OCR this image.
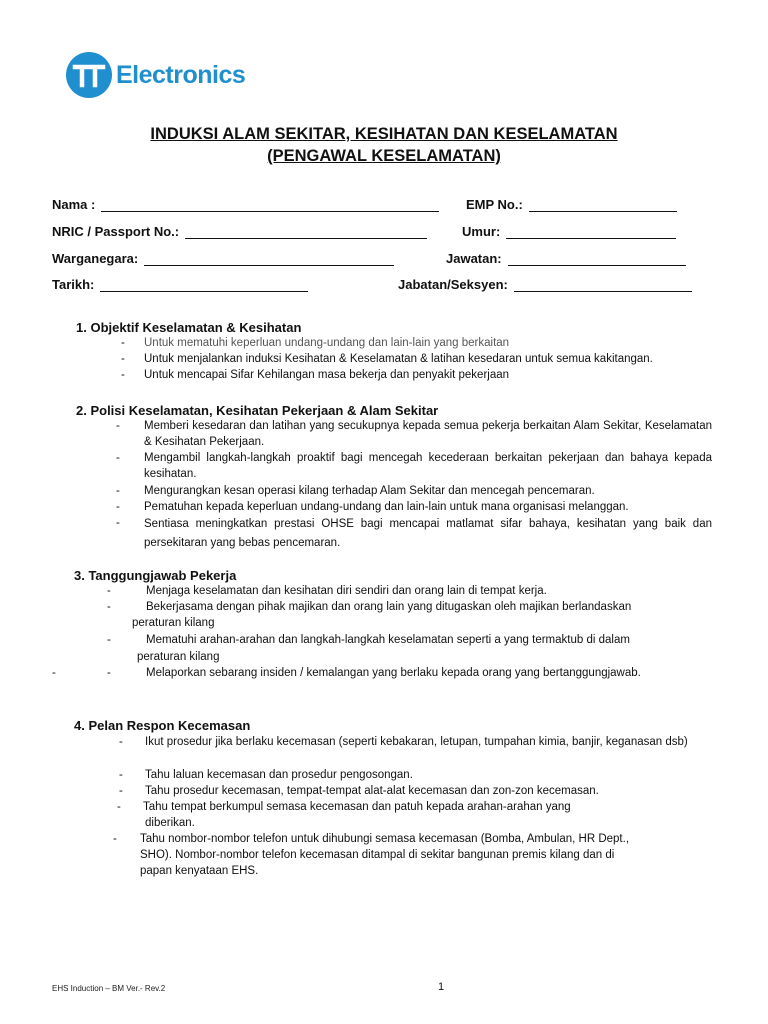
Electronics
INDUKSI ALAM SEKITAR, KESIHATAN DAN KESELAMATAN
(PENGAWAL KESELAMATAN)
Nama :	EMP No.:
NRIC / Passport No.:	Umur:
Warganegara:	Jawatan:
Tarikh:	Jabatan/Seksyen:
1. Objektif Keselamatan & Kesihatan
- Untuk mematuhi keperluan undang-undang dan lain-lain yang berkaitan
- Untuk menjalankan induksi Kesihatan & Keselamatan & latihan kesedaran untuk semua kakitangan.
- Untuk mencapai Sifar Kehilangan masa bekerja dan penyakit pekerjaan
2. Polisi Keselamatan, Kesihatan Pekerjaan & Alam Sekitar
- Memberi kesedaran dan latihan yang secukupnya kepada semua pekerja berkaitan Alam Sekitar, Keselamatan & Kesihatan Pekerjaan.
- Mengambil langkah-langkah proaktif bagi mencegah kecederaan berkaitan pekerjaan dan bahaya kepada kesihatan.
- Mengurangkan kesan operasi kilang terhadap Alam Sekitar dan mencegah pencemaran.
- Pematuhan kepada keperluan undang-undang dan lain-lain untuk mana organisasi melanggan.
- Sentiasa meningkatkan prestasi OHSE bagi mencapai matlamat sifar bahaya, kesihatan yang baik dan persekitaran yang bebas pencemaran.
3. Tanggungjawab Pekerja
-	Menjaga keselamatan dan kesihatan diri sendiri dan orang lain di tempat kerja.
-	Bekerjasama dengan pihak majikan dan orang lain yang ditugaskan oleh majikan berlandaskan
peraturan kilang
-	Mematuhi arahan-arahan dan langkah-langkah keselamatan seperti a yang termaktub di dalam
peraturan kilang
-	-	Melaporkan sebarang insiden / kemalangan yang berlaku kepada orang yang bertanggungjawab.
4. Pelan Respon Kecemasan
- Ikut prosedur jika berlaku kecemasan (seperti kebakaran, letupan, tumpahan kimia, banjir, keganasan dsb)
- Tahu laluan kecemasan dan prosedur pengosongan.
- Tahu prosedur kecemasan, tempat-tempat alat-alat kecemasan dan zon-zon kecemasan.
- Tahu tempat berkumpul semasa kecemasan dan patuh kepada arahan-arahan yang
diberikan.
- Tahu nombor-nombor telefon untuk dihubungi semasa kecemasan (Bomba, Ambulan, HR Dept.,
SHO). Nombor-nombor telefon kecemasan ditampal di sekitar bangunan premis kilang dan di
papan kenyataan EHS.
EHS Induction – BM Ver.- Rev.2	1
